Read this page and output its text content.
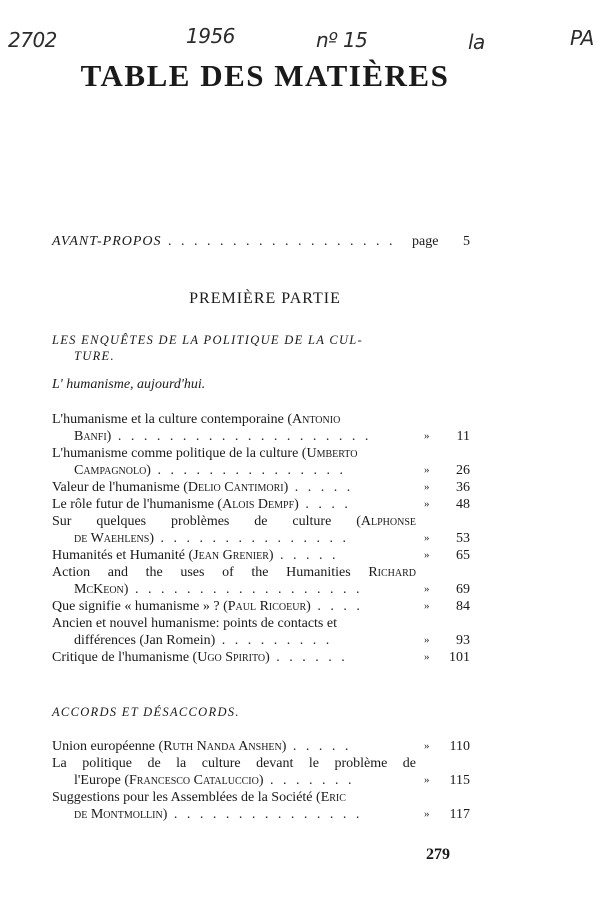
2702	1956	nº 15	la	PA
TABLE DES MATIÈRES
AVANT-PROPOS . . . . . . . . . . . . . . . . . . page	5
PREMIÈRE PARTIE
LES ENQUÊTES DE LA POLITIQUE DE LA CUL-
TURE.
L' humanisme, aujourd'hui.
L'humanisme et la culture contemporaine (Antonio
Banfi) . . . . . . . . . . . . . . . . . . . .	»	11
L'humanisme comme politique de la culture (Umberto
Campagnolo) . . . . . . . . . . . . . . .	»	26
Valeur de l'humanisme (Delio Cantimori) . . . . .	»	36
Le rôle futur de l'humanisme (Alois Dempf) . . . .	»	48
Sur quelques problèmes de culture (Alphonse
de Waehlens) . . . . . . . . . . . . . . .	»	53
Humanités et Humanité (Jean Grenier) . . . . .	»	65
Action and the uses of the Humanities Richard
McKeon) . . . . . . . . . . . . . . . . . .	»	69
Que signifie « humanisme » ? (Paul Ricoeur) . . . .	»	84
Ancien et nouvel humanisme: points de contacts et
différences (Jan Romein) . . . . . . . . .	»	93
Critique de l'humanisme (Ugo Spirito) . . . . . .	»	101
ACCORDS ET DÉSACCORDS.
Union européenne (Ruth Nanda Anshen) . . . . .	»	110
La politique de la culture devant le problème de
l'Europe (Francesco Cataluccio) . . . . . . .	»	115
Suggestions pour les Assemblées de la Société (Eric
de Montmollin) . . . . . . . . . . . . . . .	»	117
279
